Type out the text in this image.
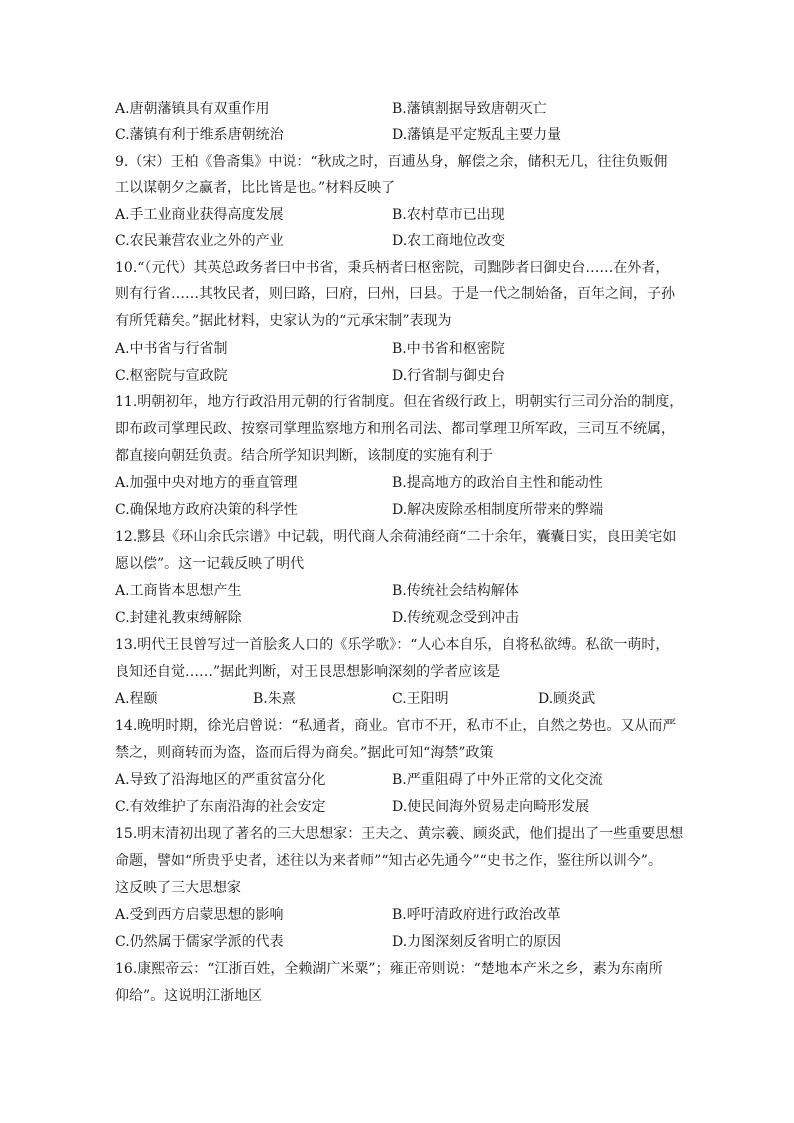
A.唐朝藩镇具有双重作用	B.藩镇割据导致唐朝灭亡
C.藩镇有利于维系唐朝统治	D.藩镇是平定叛乱主要力量
9.（宋）王柏《鲁斋集》中说：“秋成之时，百逋丛身，解偿之余，储积无几，往往负贩佣
工以谋朝夕之赢者，比比皆是也。”材料反映了
A.手工业商业获得高度发展	B.农村草市已出现
C.农民兼营农业之外的产业	D.农工商地位改变
10.“（元代）其英总政务者曰中书省，秉兵柄者曰枢密院，司黜陟者曰御史台……在外者，
则有行省……其牧民者，则曰路，曰府，曰州，曰县。于是一代之制始备，百年之间，子孙
有所凭藉矣。”据此材料，史家认为的“元承宋制”表现为
A.中书省与行省制	B.中书省和枢密院
C.枢密院与宣政院	D.行省制与御史台
11.明朝初年，地方行政沿用元朝的行省制度。但在省级行政上，明朝实行三司分治的制度，
即布政司掌理民政、按察司掌理监察地方和刑名司法、都司掌理卫所军政，三司互不统属，
都直接向朝廷负责。结合所学知识判断，该制度的实施有利于
A.加强中央对地方的垂直管理	B.提高地方的政治自主性和能动性
C.确保地方政府决策的科学性	D.解决废除丞相制度所带来的弊端
12.黟县《环山余氏宗谱》中记载，明代商人余荷浦经商“二十余年，囊囊日实，良田美宅如
愿以偿”。这一记载反映了明代
A.工商皆本思想产生	B.传统社会结构解体
C.封建礼教束缚解除	D.传统观念受到冲击
13.明代王艮曾写过一首脍炙人口的《乐学歌》：“人心本自乐，自将私欲缚。私欲一萌时，
良知还自觉……”据此判断，对王艮思想影响深刻的学者应该是
A.程颐	B.朱熹	C.王阳明	D.顾炎武
14.晚明时期，徐光启曾说：“私通者，商业。官市不开，私市不止，自然之势也。又从而严
禁之，则商转而为盗，盗而后得为商矣。”据此可知“海禁”政策
A.导致了沿海地区的严重贫富分化	B.严重阻碍了中外正常的文化交流
C.有效维护了东南沿海的社会安定	D.使民间海外贸易走向畸形发展
15.明末清初出现了著名的三大思想家：王夫之、黄宗羲、顾炎武，他们提出了一些重要思想
命题，譬如“所贵乎史者，述往以为来者师”“知古必先通今”“史书之作，鉴往所以训今”。
这反映了三大思想家
A.受到西方启蒙思想的影响	B.呼吁清政府进行政治改革
C.仍然属于儒家学派的代表	D.力图深刻反省明亡的原因
16.康熙帝云：“江浙百姓，全赖湖广米粟”；雍正帝则说：“楚地本产米之乡，素为东南所
仰给”。这说明江浙地区
